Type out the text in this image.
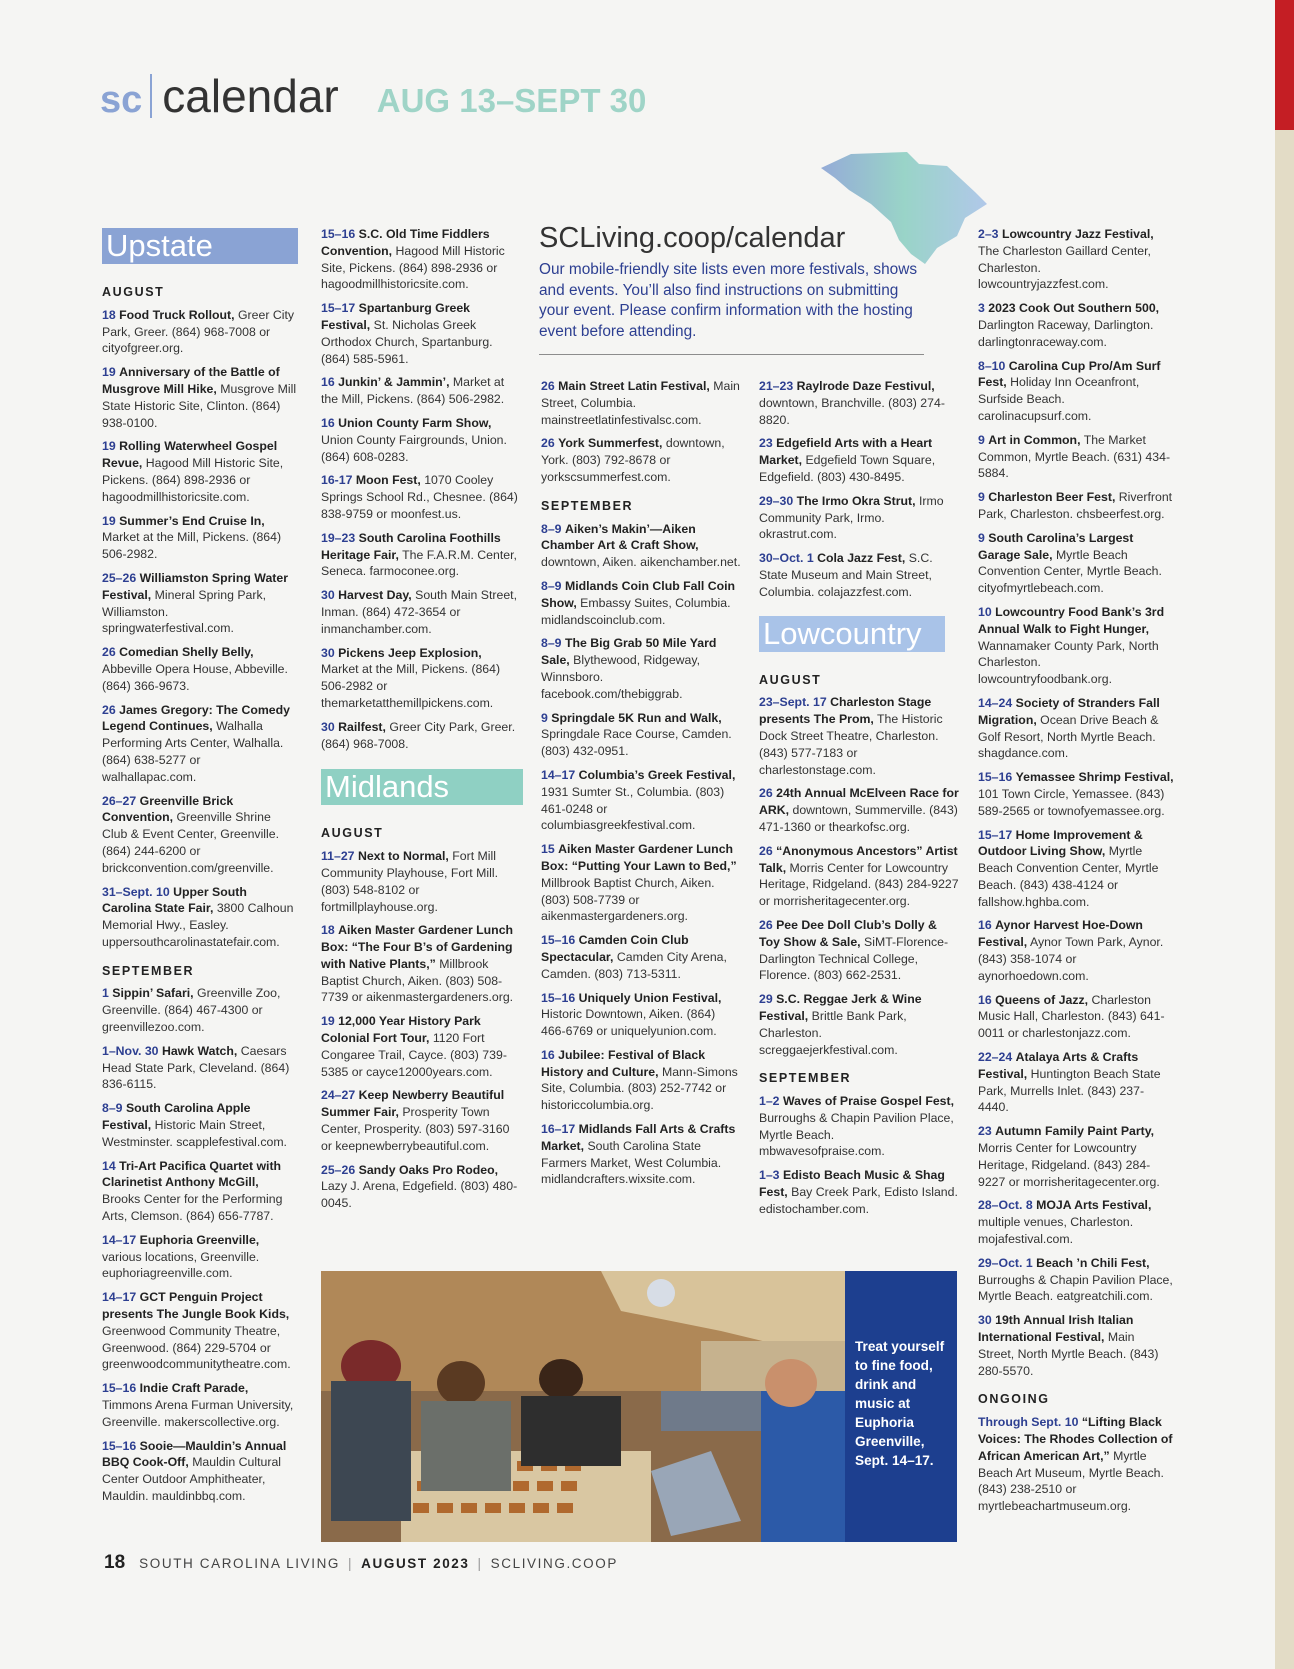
sc calendar AUG 13–SEPT 30
SCLiving.coop/calendar
Our mobile-friendly site lists even more festivals, shows and events. You’ll also find instructions on submitting your event. Please confirm information with the hosting event before attending.
Upstate
AUGUST
18 Food Truck Rollout, Greer City Park, Greer. (864) 968-7008 or cityofgreer.org.
19 Anniversary of the Battle of Musgrove Mill Hike, Musgrove Mill State Historic Site, Clinton. (864) 938-0100.
19 Rolling Waterwheel Gospel Revue, Hagood Mill Historic Site, Pickens. (864) 898-2936 or hagoodmillhistoricsite.com.
19 Summer’s End Cruise In, Market at the Mill, Pickens. (864) 506-2982.
25–26 Williamston Spring Water Festival, Mineral Spring Park, Williamston. springwaterfestival.com.
26 Comedian Shelly Belly, Abbeville Opera House, Abbeville. (864) 366-9673.
26 James Gregory: The Comedy Legend Continues, Walhalla Performing Arts Center, Walhalla. (864) 638-5277 or walhallapac.com.
26–27 Greenville Brick Convention, Greenville Shrine Club & Event Center, Greenville. (864) 244-6200 or brickconvention.com/greenville.
31–Sept. 10 Upper South Carolina State Fair, 3800 Calhoun Memorial Hwy., Easley. uppersouthcarolinastatefair.com.
SEPTEMBER
1 Sippin’ Safari, Greenville Zoo, Greenville. (864) 467-4300 or greenvillezoo.com.
1–Nov. 30 Hawk Watch, Caesars Head State Park, Cleveland. (864) 836-6115.
8–9 South Carolina Apple Festival, Historic Main Street, Westminster. scapplefestival.com.
14 Tri-Art Pacifica Quartet with Clarinetist Anthony McGill, Brooks Center for the Performing Arts, Clemson. (864) 656-7787.
14–17 Euphoria Greenville, various locations, Greenville. euphoriagreenville.com.
14–17 GCT Penguin Project presents The Jungle Book Kids, Greenwood Community Theatre, Greenwood. (864) 229-5704 or greenwoodcommunitytheatre.com.
15–16 Indie Craft Parade, Timmons Arena Furman University, Greenville. makerscollective.org.
15–16 Sooie—Mauldin’s Annual BBQ Cook-Off, Mauldin Cultural Center Outdoor Amphitheater, Mauldin. mauldinbbq.com.
15–16 S.C. Old Time Fiddlers Convention, Hagood Mill Historic Site, Pickens. (864) 898-2936 or hagoodmillhistoricsite.com.
15–17 Spartanburg Greek Festival, St. Nicholas Greek Orthodox Church, Spartanburg. (864) 585-5961.
16 Junkin’ & Jammin’, Market at the Mill, Pickens. (864) 506-2982.
16 Union County Farm Show, Union County Fairgrounds, Union. (864) 608-0283.
16-17 Moon Fest, 1070 Cooley Springs School Rd., Chesnee. (864) 838-9759 or moonfest.us.
19–23 South Carolina Foothills Heritage Fair, The F.A.R.M. Center, Seneca. farmoconee.org.
30 Harvest Day, South Main Street, Inman. (864) 472-3654 or inmanchamber.com.
30 Pickens Jeep Explosion, Market at the Mill, Pickens. (864) 506-2982 or themarketatthemillpickens.com.
30 Railfest, Greer City Park, Greer. (864) 968-7008.
Midlands
AUGUST
11–27 Next to Normal, Fort Mill Community Playhouse, Fort Mill. (803) 548-8102 or fortmillplayhouse.org.
18 Aiken Master Gardener Lunch Box: “The Four B’s of Gardening with Native Plants,” Millbrook Baptist Church, Aiken. (803) 508-7739 or aikenmastergardeners.org.
19 12,000 Year History Park Colonial Fort Tour, 1120 Fort Congaree Trail, Cayce. (803) 739-5385 or cayce12000years.com.
24–27 Keep Newberry Beautiful Summer Fair, Prosperity Town Center, Prosperity. (803) 597-3160 or keepnewberrybeautiful.com.
25–26 Sandy Oaks Pro Rodeo, Lazy J. Arena, Edgefield. (803) 480-0045.
26 Main Street Latin Festival, Main Street, Columbia. mainstreetlatinfestivalsc.com.
26 York Summerfest, downtown, York. (803) 792-8678 or yorkscsummerfest.com.
SEPTEMBER
8–9 Aiken’s Makin’—Aiken Chamber Art & Craft Show, downtown, Aiken. aikenchamber.net.
8–9 Midlands Coin Club Fall Coin Show, Embassy Suites, Columbia. midlandscoinclub.com.
8–9 The Big Grab 50 Mile Yard Sale, Blythewood, Ridgeway, Winnsboro. facebook.com/thebiggrab.
9 Springdale 5K Run and Walk, Springdale Race Course, Camden. (803) 432-0951.
14–17 Columbia’s Greek Festival, 1931 Sumter St., Columbia. (803) 461-0248 or columbiasgreekfestival.com.
15 Aiken Master Gardener Lunch Box: “Putting Your Lawn to Bed,” Millbrook Baptist Church, Aiken. (803) 508-7739 or aikenmastergardeners.org.
15–16 Camden Coin Club Spectacular, Camden City Arena, Camden. (803) 713-5311.
15–16 Uniquely Union Festival, Historic Downtown, Aiken. (864) 466-6769 or uniquelyunion.com.
16 Jubilee: Festival of Black History and Culture, Mann-Simons Site, Columbia. (803) 252-7742 or historiccolumbia.org.
16–17 Midlands Fall Arts & Crafts Market, South Carolina State Farmers Market, West Columbia. midlandcrafters.wixsite.com.
21–23 Raylrode Daze Festivul, downtown, Branchville. (803) 274-8820.
23 Edgefield Arts with a Heart Market, Edgefield Town Square, Edgefield. (803) 430-8495.
29–30 The Irmo Okra Strut, Irmo Community Park, Irmo. okrastrut.com.
30–Oct. 1 Cola Jazz Fest, S.C. State Museum and Main Street, Columbia. colajazzfest.com.
Lowcountry
AUGUST
23–Sept. 17 Charleston Stage presents The Prom, The Historic Dock Street Theatre, Charleston. (843) 577-7183 or charlestonstage.com.
26 24th Annual McElveen Race for ARK, downtown, Summerville. (843) 471-1360 or thearkofsc.org.
26 “Anonymous Ancestors” Artist Talk, Morris Center for Lowcountry Heritage, Ridgeland. (843) 284-9227 or morrisheritagecenter.org.
26 Pee Dee Doll Club’s Dolly & Toy Show & Sale, SiMT-Florence-Darlington Technical College, Florence. (803) 662-2531.
29 S.C. Reggae Jerk & Wine Festival, Brittle Bank Park, Charleston. screggaejerkfestival.com.
SEPTEMBER
1–2 Waves of Praise Gospel Fest, Burroughs & Chapin Pavilion Place, Myrtle Beach. mbwavesofpraise.com.
1–3 Edisto Beach Music & Shag Fest, Bay Creek Park, Edisto Island. edistochamber.com.
2–3 Lowcountry Jazz Festival, The Charleston Gaillard Center, Charleston. lowcountryjazzfest.com.
3 2023 Cook Out Southern 500, Darlington Raceway, Darlington. darlingtonraceway.com.
8–10 Carolina Cup Pro/Am Surf Fest, Holiday Inn Oceanfront, Surfside Beach. carolinacupsurf.com.
9 Art in Common, The Market Common, Myrtle Beach. (631) 434-5884.
9 Charleston Beer Fest, Riverfront Park, Charleston. chsbeerfest.org.
9 South Carolina’s Largest Garage Sale, Myrtle Beach Convention Center, Myrtle Beach. cityofmyrtlebeach.com.
10 Lowcountry Food Bank’s 3rd Annual Walk to Fight Hunger, Wannamaker County Park, North Charleston. lowcountryfoodbank.org.
14–24 Society of Stranders Fall Migration, Ocean Drive Beach & Golf Resort, North Myrtle Beach. shagdance.com.
15–16 Yemassee Shrimp Festival, 101 Town Circle, Yemassee. (843) 589-2565 or townofyemassee.org.
15–17 Home Improvement & Outdoor Living Show, Myrtle Beach Convention Center, Myrtle Beach. (843) 438-4124 or fallshow.hghba.com.
16 Aynor Harvest Hoe-Down Festival, Aynor Town Park, Aynor. (843) 358-1074 or aynorhoedown.com.
16 Queens of Jazz, Charleston Music Hall, Charleston. (843) 641-0011 or charlestonjazz.com.
22–24 Atalaya Arts & Crafts Festival, Huntington Beach State Park, Murrells Inlet. (843) 237-4440.
23 Autumn Family Paint Party, Morris Center for Lowcountry Heritage, Ridgeland. (843) 284-9227 or morrisheritagecenter.org.
28–Oct. 8 MOJA Arts Festival, multiple venues, Charleston. mojafestival.com.
29–Oct. 1 Beach ’n Chili Fest, Burroughs & Chapin Pavilion Place, Myrtle Beach. eatgreatchili.com.
30 19th Annual Irish Italian International Festival, Main Street, North Myrtle Beach. (843) 280-5570.
ONGOING
Through Sept. 10 “Lifting Black Voices: The Rhodes Collection of African American Art,” Myrtle Beach Art Museum, Myrtle Beach. (843) 238-2510 or myrtlebeachartmuseum.org.
Treat yourself to fine food, drink and music at Euphoria Greenville, Sept. 14–17.
18 SOUTH CAROLINA LIVING | AUGUST 2023 | SCLIVING.COOP
